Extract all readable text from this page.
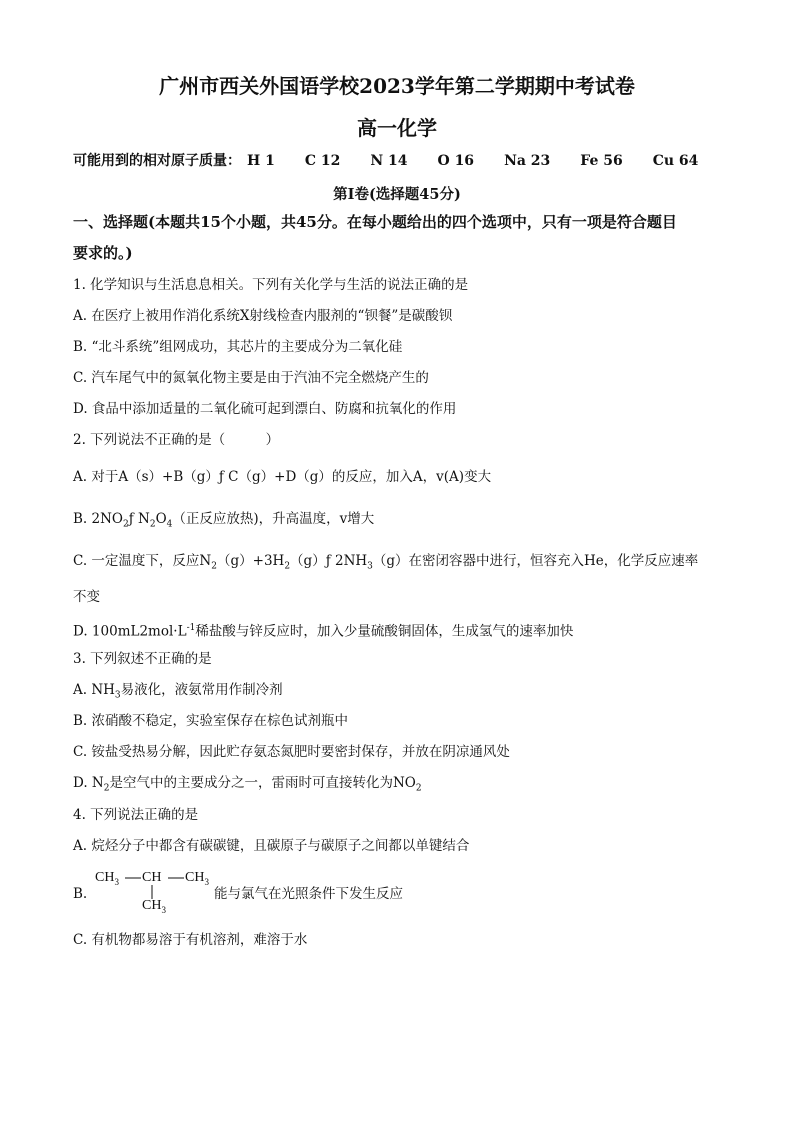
广州市西关外国语学校2023学年第二学期期中考试卷
高一化学
可能用到的相对原子质量： H 1 C 12 N 14 O 16 Na 23 Fe 56 Cu 64
第Ⅰ卷(选择题45分)
一、选择题(本题共15个小题，共45分。在每小题给出的四个选项中，只有一项是符合题目
要求的。)
1. 化学知识与生活息息相关。下列有关化学与生活的说法正确的是
A. 在医疗上被用作消化系统X射线检查内服剂的“钡餐”是碳酸钡
B. “北斗系统”组网成功，其芯片的主要成分为二氧化硅
C. 汽车尾气中的氮氧化物主要是由于汽油不完全燃烧产生的
D. 食品中添加适量的二氧化硫可起到漂白、防腐和抗氧化的作用
2. 下列说法不正确的是（　　　）
A. 对于A（s）+B（g）ƒ C（g）+D（g）的反应，加入A，v(A)变大
B. $2NO_2ƒ$ $N_2O_4$（正反应放热)，升高温度，v增大
C. 一定温度下，反应$N_2(g)+3H_2(g)ƒ$ $2NH_3(g)$在密闭容器中进行，恒容充入He，化学反应速率
不变
D. $100mL2mol\cdot L^{-1}$稀盐酸与锌反应时，加入少量硫酸铜固体，生成氢气的速率加快
3. 下列叙述不正确的是
A. $NH_3$易液化，液氨常用作制冷剂
B. 浓硝酸不稳定，实验室保存在棕色试剂瓶中
C. 铵盐受热易分解，因此贮存氨态氮肥时要密封保存，并放在阴凉通风处
D. $N_2$是空气中的主要成分之一，雷雨时可直接转化为$NO_2$
4. 下列说法正确的是
A. 烷烃分子中都含有碳碳键，且碳原子与碳原子之间都以单键结合
B.
$CH_3$ CH $CH_3$
$CH_3$
能与氯气在光照条件下发生反应
C. 有机物都易溶于有机溶剂，难溶于水
